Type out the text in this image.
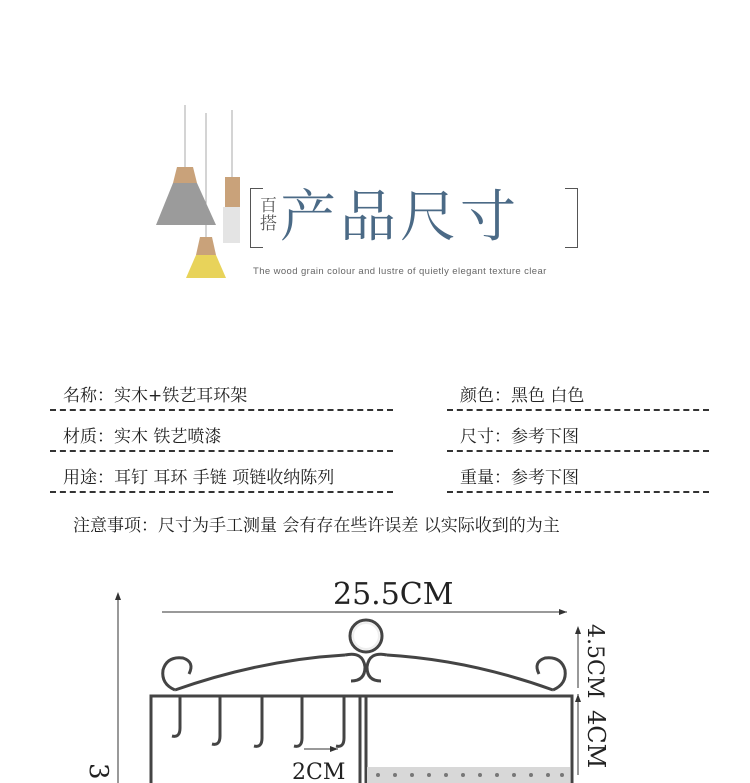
百搭 产品尺寸
The wood grain colour and lustre of quietly elegant texture clear
名称：实木+铁艺耳环架	颜色：黑色 白色
材质：实木 铁艺喷漆	尺寸：参考下图
用途：耳钉 耳环 手链 项链收纳陈列	重量：参考下图
注意事项：尺寸为手工测量 会有存在些许误差 以实际收到的为主
25.5CM
3
4.5CM
4CM
2CM
